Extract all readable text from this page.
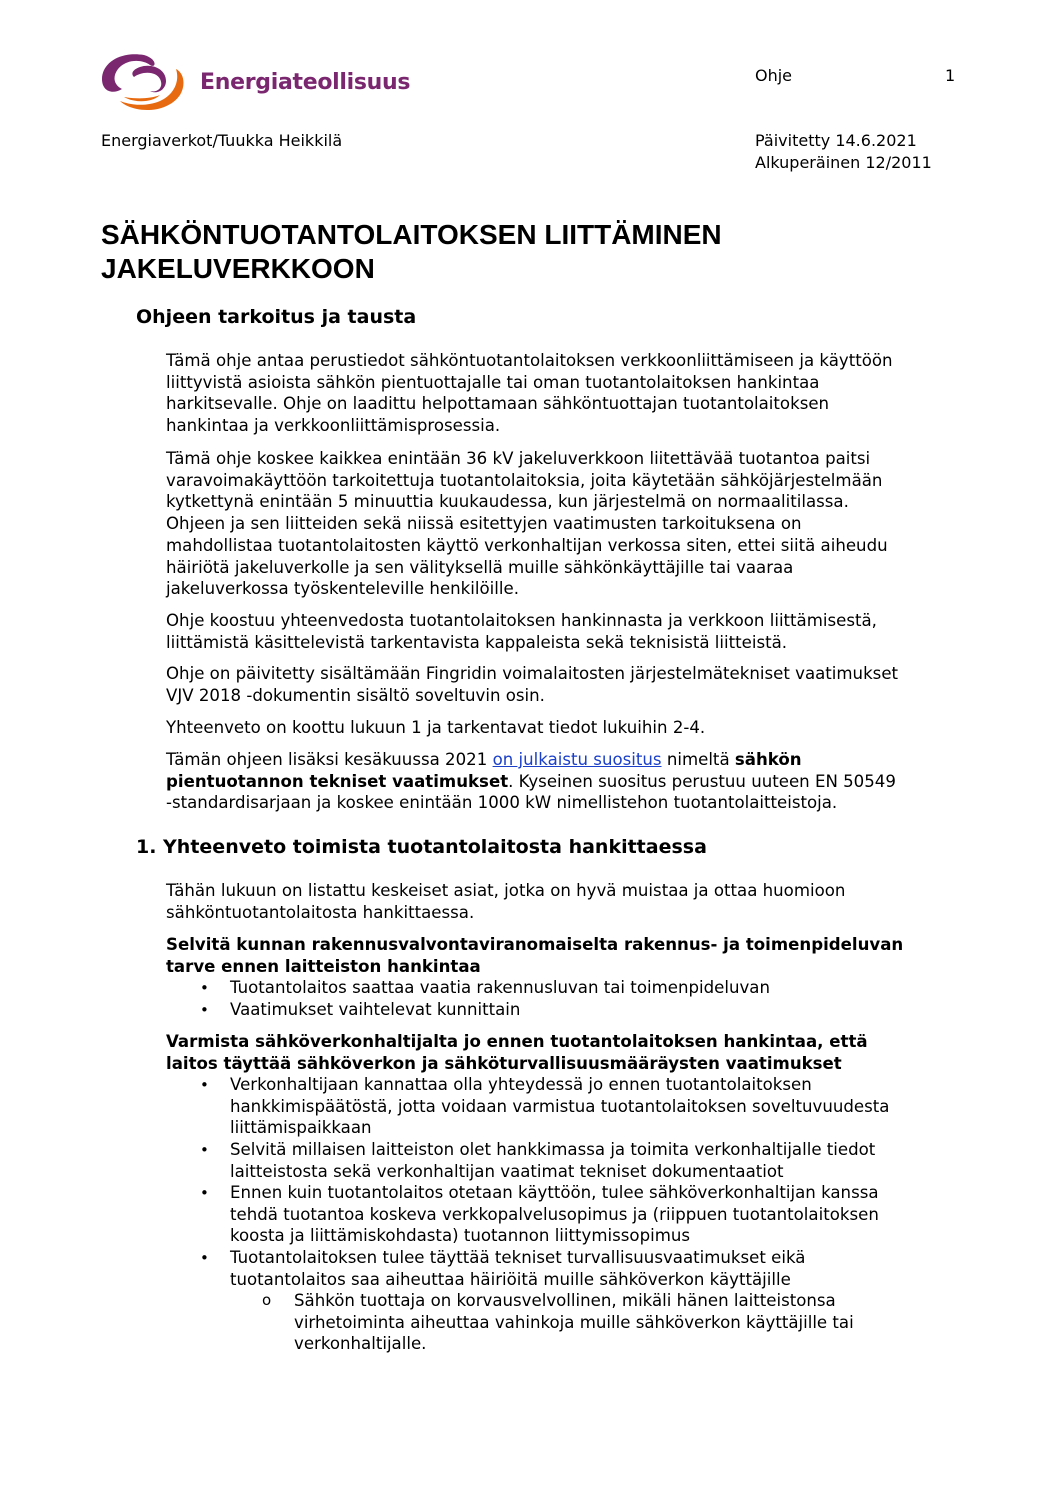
Energiateollisuus	Ohje	1
Energiaverkot/Tuukka Heikkilä	Päivitetty 14.6.2021
Alkuperäinen 12/2011
SÄHKÖNTUOTANTOLAITOKSEN LIITTÄMINEN
JAKELUVERKKOON
Ohjeen tarkoitus ja tausta
Tämä ohje antaa perustiedot sähköntuotantolaitoksen verkkoonliittämiseen ja käyttöön
liittyvistä asioista sähkön pientuottajalle tai oman tuotantolaitoksen hankintaa
harkitsevalle. Ohje on laadittu helpottamaan sähköntuottajan tuotantolaitoksen
hankintaa ja verkkoonliittämisprosessia.
Tämä ohje koskee kaikkea enintään 36 kV jakeluverkkoon liitettävää tuotantoa paitsi
varavoimakäyttöön tarkoitettuja tuotantolaitoksia, joita käytetään sähköjärjestelmään
kytkettynä enintään 5 minuuttia kuukaudessa, kun järjestelmä on normaalitilassa.
Ohjeen ja sen liitteiden sekä niissä esitettyjen vaatimusten tarkoituksena on
mahdollistaa tuotantolaitosten käyttö verkonhaltijan verkossa siten, ettei siitä aiheudu
häiriötä jakeluverkolle ja sen välityksellä muille sähkönkäyttäjille tai vaaraa
jakeluverkossa työskenteleville henkilöille.
Ohje koostuu yhteenvedosta tuotantolaitoksen hankinnasta ja verkkoon liittämisestä,
liittämistä käsittelevistä tarkentavista kappaleista sekä teknisistä liitteistä.
Ohje on päivitetty sisältämään Fingridin voimalaitosten järjestelmätekniset vaatimukset
VJV 2018 -dokumentin sisältö soveltuvin osin.
Yhteenveto on koottu lukuun 1 ja tarkentavat tiedot lukuihin 2-4.
Tämän ohjeen lisäksi kesäkuussa 2021 on julkaistu suositus nimeltä sähkön
pientuotannon tekniset vaatimukset. Kyseinen suositus perustuu uuteen EN 50549
-standardisarjaan ja koskee enintään 1000 kW nimellistehon tuotantolaitteistoja.
1. Yhteenveto toimista tuotantolaitosta hankittaessa
Tähän lukuun on listattu keskeiset asiat, jotka on hyvä muistaa ja ottaa huomioon
sähköntuotantolaitosta hankittaessa.
Selvitä kunnan rakennusvalvontaviranomaiselta rakennus- ja toimenpideluvan
tarve ennen laitteiston hankintaa
• Tuotantolaitos saattaa vaatia rakennusluvan tai toimenpideluvan
• Vaatimukset vaihtelevat kunnittain
Varmista sähköverkonhaltijalta jo ennen tuotantolaitoksen hankintaa, että
laitos täyttää sähköverkon ja sähköturvallisuusmääräysten vaatimukset
• Verkonhaltijaan kannattaa olla yhteydessä jo ennen tuotantolaitoksen
hankkimispäätöstä, jotta voidaan varmistua tuotantolaitoksen soveltuvuudesta
liittämispaikkaan
• Selvitä millaisen laitteiston olet hankkimassa ja toimita verkonhaltijalle tiedot
laitteistosta sekä verkonhaltijan vaatimat tekniset dokumentaatiot
• Ennen kuin tuotantolaitos otetaan käyttöön, tulee sähköverkonhaltijan kanssa
tehdä tuotantoa koskeva verkkopalvelusopimus ja (riippuen tuotantolaitoksen
koosta ja liittämiskohdasta) tuotannon liittymissopimus
• Tuotantolaitoksen tulee täyttää tekniset turvallisuusvaatimukset eikä
tuotantolaitos saa aiheuttaa häiriöitä muille sähköverkon käyttäjille
o Sähkön tuottaja on korvausvelvollinen, mikäli hänen laitteistonsa
virhetoiminta aiheuttaa vahinkoja muille sähköverkon käyttäjille tai
verkonhaltijalle.
